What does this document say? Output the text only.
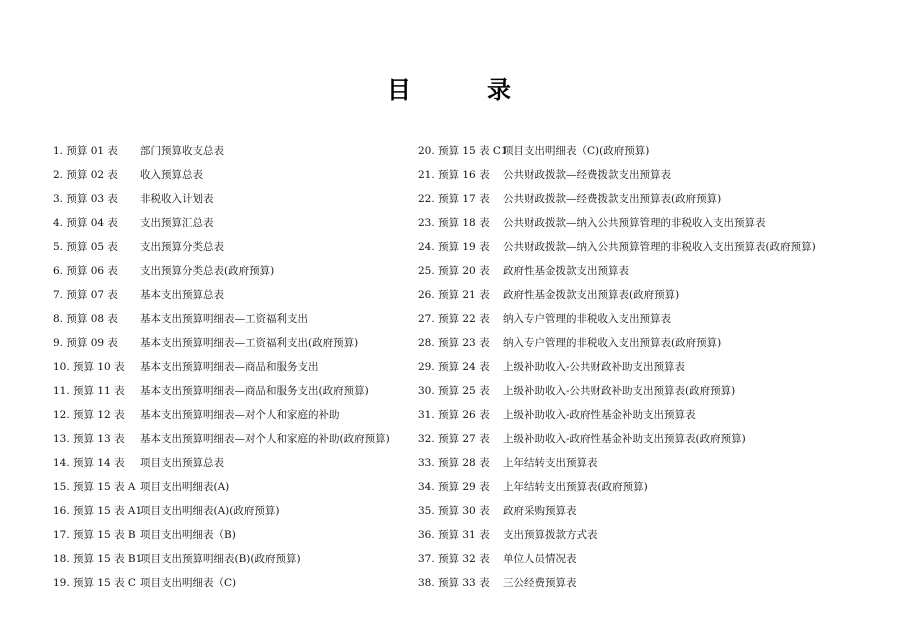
目　录
1. 预算 01 表 部门预算收支总表
2. 预算 02 表 收入预算总表
3. 预算 03 表 非税收入计划表
4. 预算 04 表 支出预算汇总表
5. 预算 05 表 支出预算分类总表
6. 预算 06 表 支出预算分类总表(政府预算)
7. 预算 07 表 基本支出预算总表
8. 预算 08 表 基本支出预算明细表—工资福利支出
9. 预算 09 表 基本支出预算明细表—工资福利支出(政府预算)
10. 预算 10 表 基本支出预算明细表—商品和服务支出
11. 预算 11 表 基本支出预算明细表—商品和服务支出(政府预算)
12. 预算 12 表 基本支出预算明细表—对个人和家庭的补助
13. 预算 13 表 基本支出预算明细表—对个人和家庭的补助(政府预算)
14. 预算 14 表 项目支出预算总表
15. 预算 15 表 A 项目支出明细表(A)
16. 预算 15 表 A1
项目支出明细表(A)(政府预算)
17. 预算 15 表 B 项目支出明细表（B)
18. 预算 15 表 B1
项目支出预算明细表(B)(政府预算)
19. 预算 15 表 C 项目支出明细表（C)
20. 预算 15 表 C1
项目支出明细表（C)(政府预算)
21. 预算 16 表 公共财政拨款—经费拨款支出预算表
22. 预算 17 表 公共财政拨款—经费拨款支出预算表(政府预算)
23. 预算 18 表 公共财政拨款—纳入公共预算管理的非税收入支出预算表
24. 预算 19 表 公共财政拨款—纳入公共预算管理的非税收入支出预算表(政府预算)
25. 预算 20 表 政府性基金拨款支出预算表
26. 预算 21 表 政府性基金拨款支出预算表(政府预算)
27. 预算 22 表 纳入专户管理的非税收入支出预算表
28. 预算 23 表 纳入专户管理的非税收入支出预算表(政府预算)
29. 预算 24 表 上级补助收入-公共财政补助支出预算表
30. 预算 25 表 上级补助收入-公共财政补助支出预算表(政府预算)
31. 预算 26 表 上级补助收入-政府性基金补助支出预算表
32. 预算 27 表 上级补助收入-政府性基金补助支出预算表(政府预算)
33. 预算 28 表 上年结转支出预算表
34. 预算 29 表 上年结转支出预算表(政府预算)
35. 预算 30 表 政府采购预算表
36. 预算 31 表 支出预算拨款方式表
37. 预算 32 表 单位人员情况表
38. 预算 33 表 三公经费预算表
